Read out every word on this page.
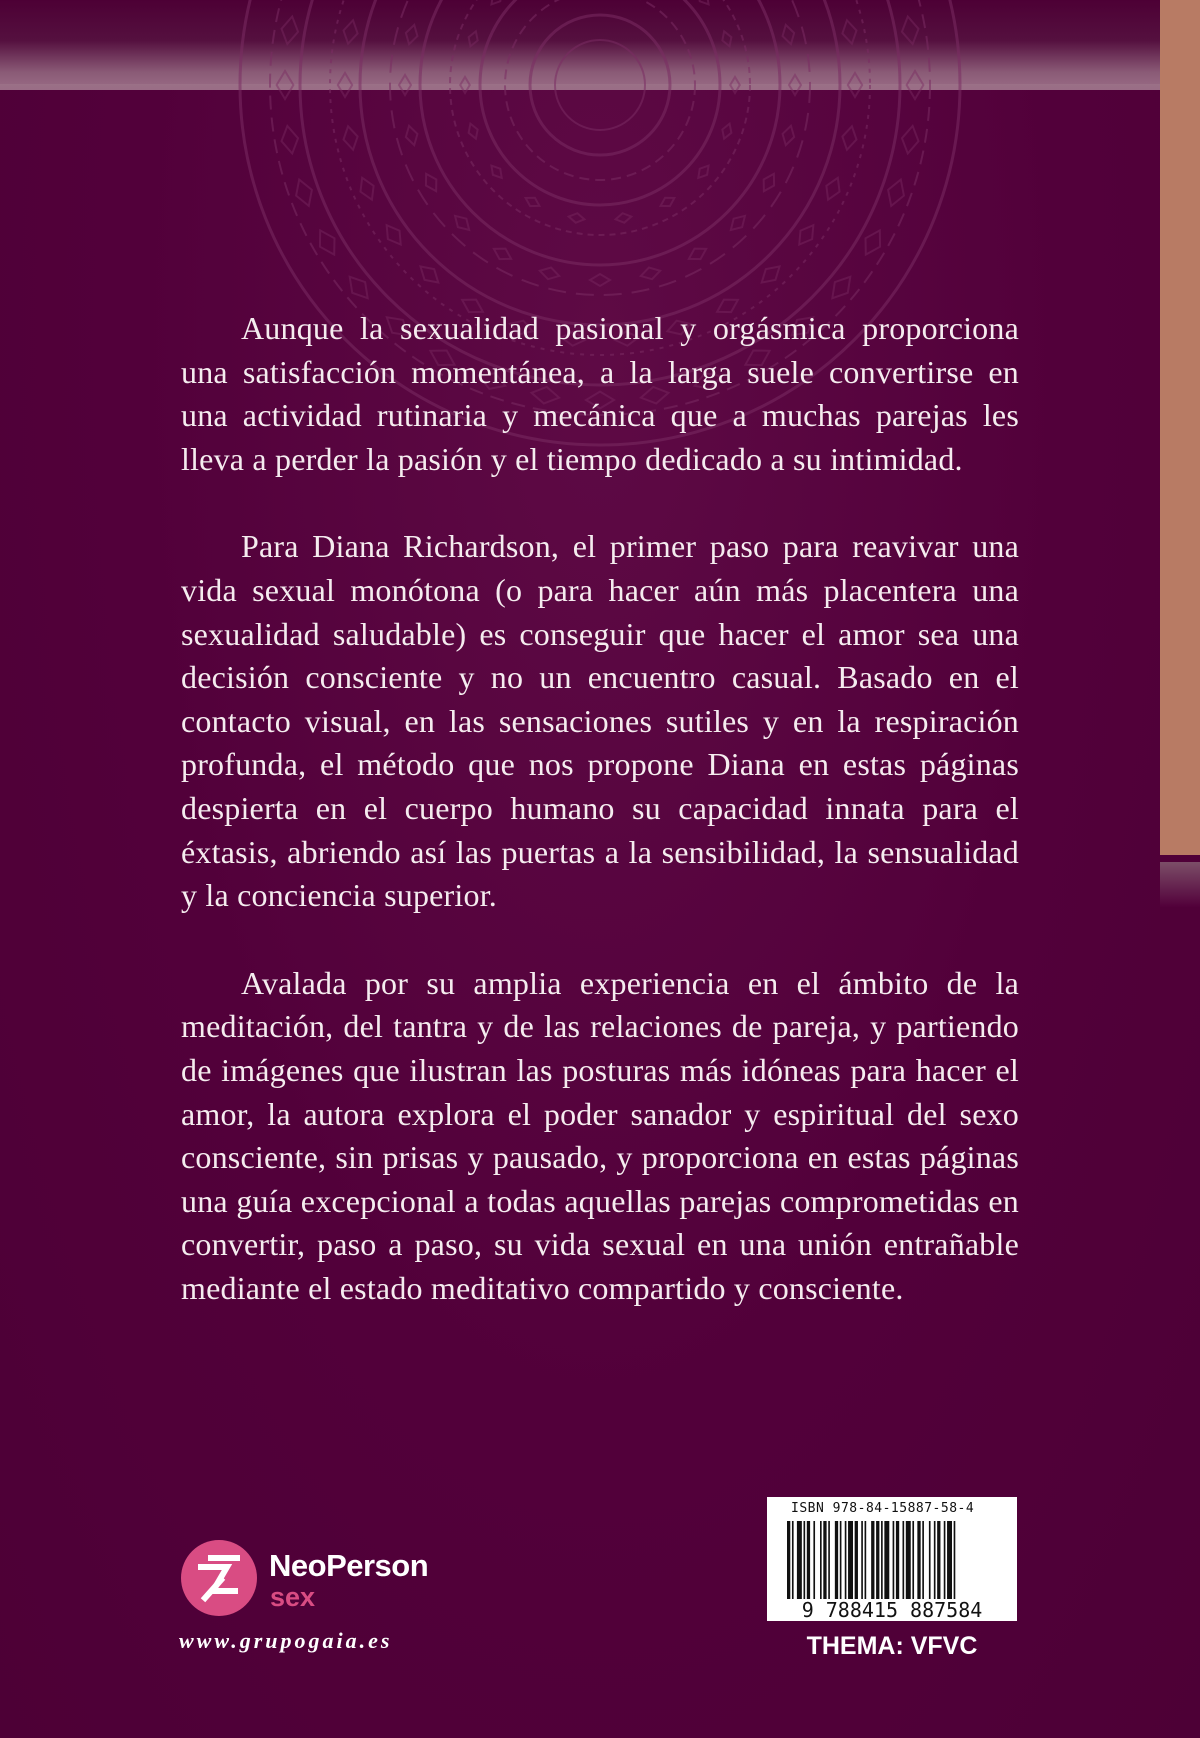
Aunque la sexualidad pasional y orgásmica proporciona una satisfacción momentánea, a la larga suele convertirse en una actividad rutinaria y mecánica que a muchas parejas les lleva a perder la pasión y el tiempo dedicado a su intimidad.

Para Diana Richardson, el primer paso para reavivar una vida sexual monótona (o para hacer aún más placentera una sexualidad saludable) es conseguir que hacer el amor sea una decisión consciente y no un encuentro casual. Basado en el contacto visual, en las sensaciones sutiles y en la respiración profunda, el método que nos propone Diana en estas páginas despierta en el cuerpo humano su capacidad innata para el éxtasis, abriendo así las puertas a la sensibilidad, la sensualidad y la conciencia superior.

Avalada por su amplia experiencia en el ámbito de la meditación, del tantra y de las relaciones de pareja, y partiendo de imágenes que ilustran las posturas más idóneas para hacer el amor, la autora explora el poder sanador y espiritual del sexo consciente, sin prisas y pausado, y proporciona en estas páginas una guía excepcional a todas aquellas parejas comprometidas en convertir, paso a paso, su vida sexual en una unión entrañable mediante el estado meditativo compartido y consciente.

NeoPerson
sex
www.grupogaia.es
ISBN 978-84-15887-58-4
9 788415 887584
THEMA: VFVC
